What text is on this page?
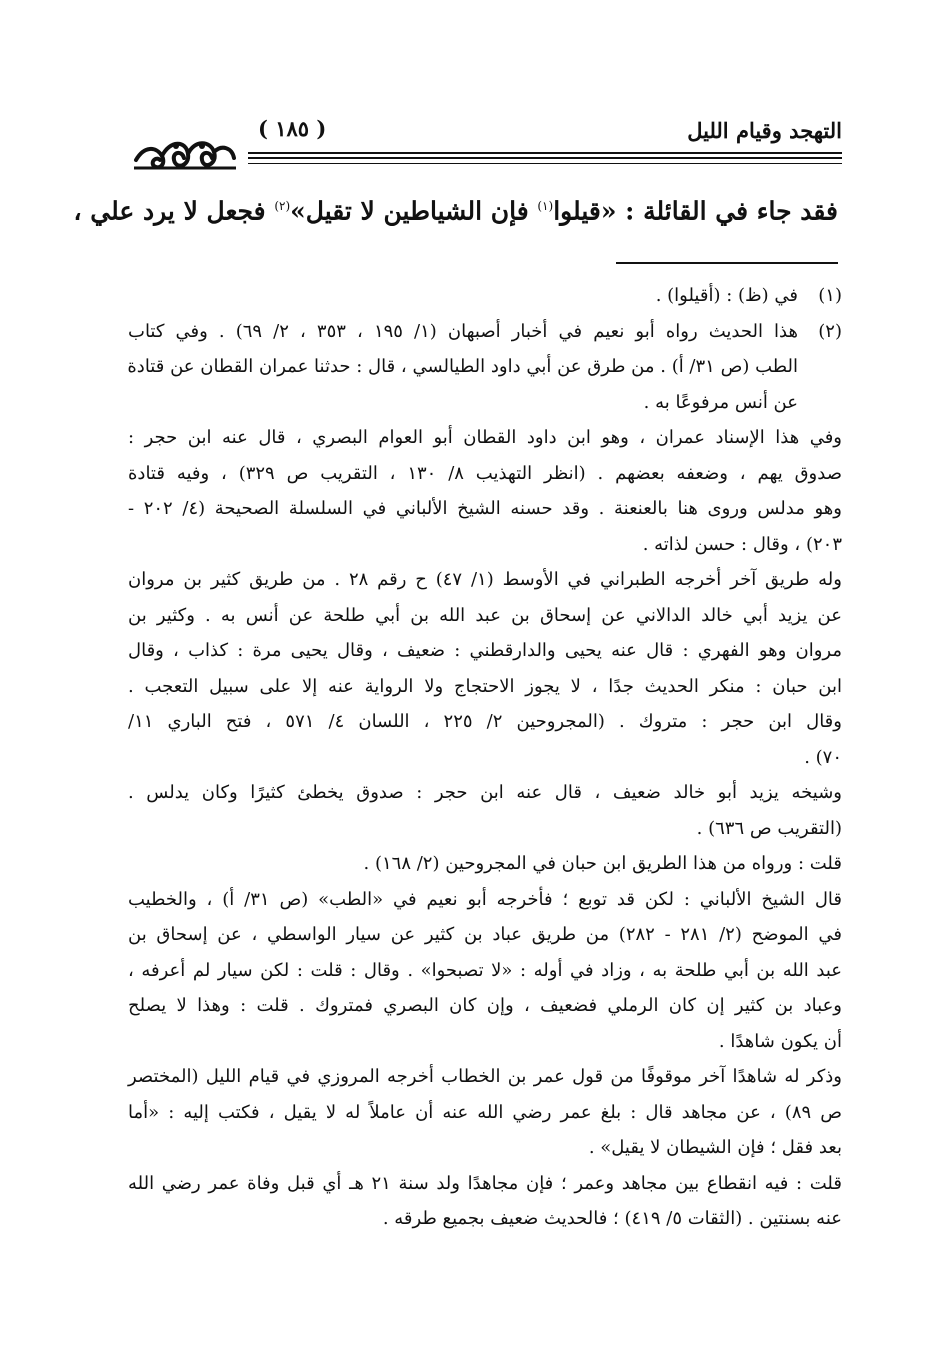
التهجد وقيام الليل
( ١٨٥ )
فقد جاء في القائلة : «قيلوا$^{(١)}$ فإن الشياطين لا تقيل»$^{(٢)}$ فجعل لا يرد علي ،
(١)
في (ظ) : (أقيلوا) .
(٢)
هذا الحديث رواه أبو نعيم في أخبار أصبهان (١/ ١٩٥ ، ٣٥٣ ، ٢/ ٦٩) . وفي كتاب
الطب (ص ٣١/ أ) . من طرق عن أبي داود الطيالسي ، قال : حدثنا عمران القطان عن قتادة
عن أنس مرفوعًا به .
وفي هذا الإسناد عمران ، وهو ابن داود القطان أبو العوام البصري ، قال عنه ابن حجر :
صدوق يهم ، وضعفه بعضهم . (انظر التهذيب ٨/ ١٣٠ ، التقريب ص ٣٢٩) ، وفيه قتادة
وهو مدلس وروى هنا بالعنعنة . وقد حسنه الشيخ الألباني في السلسلة الصحيحة (٤/ ٢٠٢ -
٢٠٣) ، وقال : حسن لذاته .
وله طريق آخر أخرجه الطبراني في الأوسط (١/ ٤٧) ح رقم ٢٨ . من طريق كثير بن مروان
عن يزيد أبي خالد الدالاني عن إسحاق بن عبد الله بن أبي طلحة عن أنس به . وكثير بن
مروان وهو الفهري : قال عنه يحيى والدارقطني : ضعيف ، وقال يحيى مرة : كذاب ، وقال
ابن حبان : منكر الحديث جدًا ، لا يجوز الاحتجاج ولا الرواية عنه إلا على سبيل التعجب .
وقال ابن حجر : متروك . (المجروحين ٢/ ٢٢٥ ، اللسان ٤/ ٥٧١ ، فتح الباري ١١/
٧٠) .
وشيخه يزيد أبو خالد ضعيف ، قال عنه ابن حجر : صدوق يخطئ كثيرًا وكان يدلس .
(التقريب ص ٦٣٦) .
قلت : ورواه من هذا الطريق ابن حبان في المجروحين (٢/ ١٦٨) .
قال الشيخ الألباني : لكن قد توبع ؛ فأخرجه أبو نعيم في «الطب» (ص ٣١/ أ) ، والخطيب
في الموضح (٢/ ٢٨١ - ٢٨٢) من طريق عباد بن كثير عن سيار الواسطي ، عن إسحاق بن
عبد الله بن أبي طلحة به ، وزاد في أوله : «لا تصبحوا» . وقال : قلت : لكن سيار لم أعرفه ،
وعباد بن كثير إن كان الرملي فضعيف ، وإن كان البصري فمتروك . قلت : وهذا لا يصلح
أن يكون شاهدًا .
وذكر له شاهدًا آخر موقوفًا من قول عمر بن الخطاب أخرجه المروزي في قيام الليل (المختصر
ص ٨٩) ، عن مجاهد قال : بلغ عمر رضي الله عنه أن عاملاً له لا يقيل ، فكتب إليه : «أما
بعد فقل ؛ فإن الشيطان لا يقيل» .
قلت : فيه انقطاع بين مجاهد وعمر ؛ فإن مجاهدًا ولد سنة ٢١ هـ أي قبل وفاة عمر رضي الله
عنه بسنتين . (الثقات ٥/ ٤١٩) ؛ فالحديث ضعيف بجميع طرقه .
